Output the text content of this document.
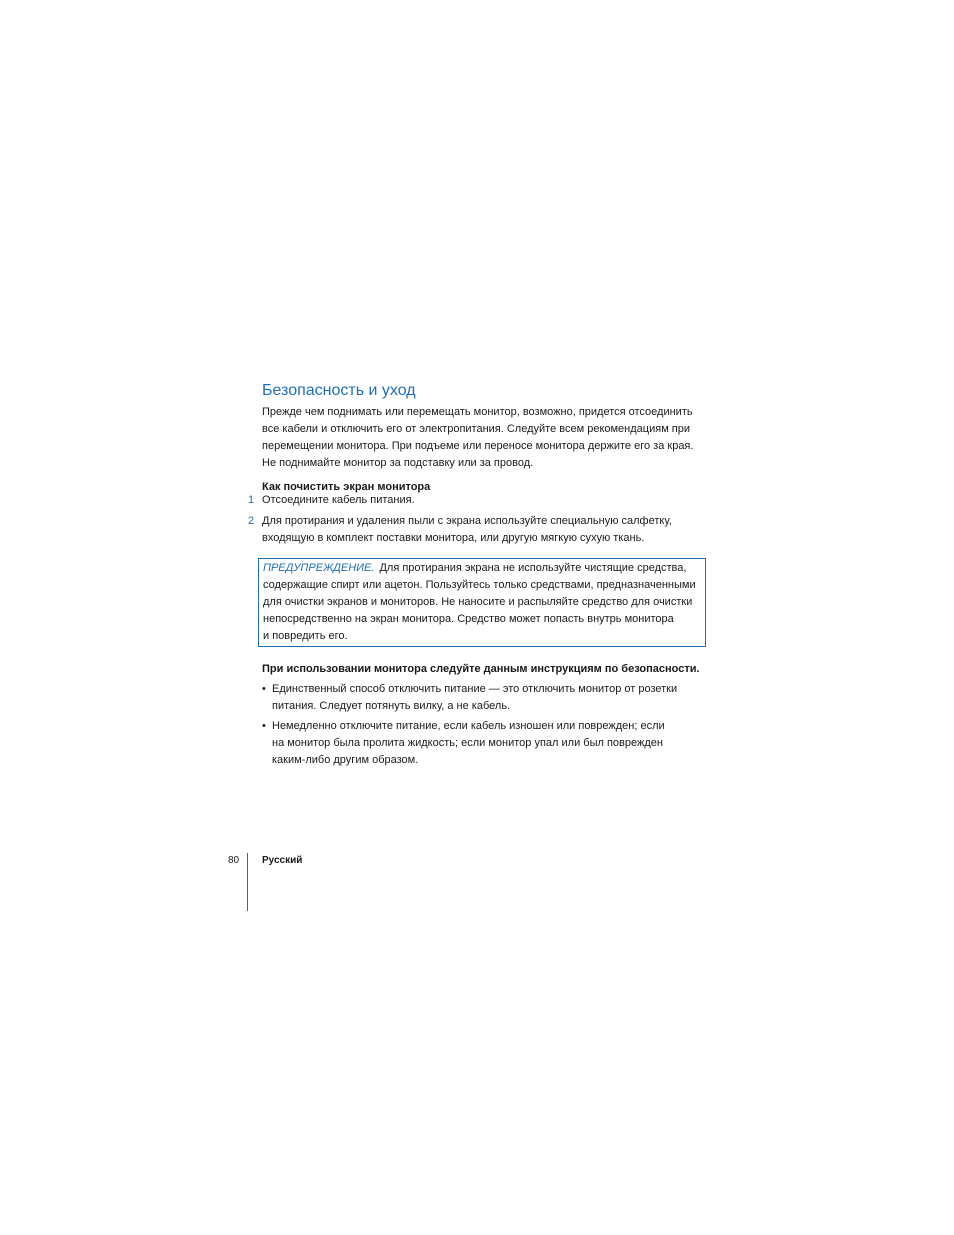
Безопасность и уход
Прежде чем поднимать или перемещать монитор, возможно, придется отсоединить
все кабели и отключить его от электропитания. Следуйте всем рекомендациям при
перемещении монитора. При подъеме или переносе монитора держите его за края.
Не поднимайте монитор за подставку или за провод.
Как почистить экран монитора
1 Отсоедините кабель питания.
2 Для протирания и удаления пыли с экрана используйте специальную салфетку,
входящую в комплект поставки монитора, или другую мягкую сухую ткань.
ПРЕДУПРЕЖДЕНИЕ. Для протирания экрана не используйте чистящие средства,
содержащие спирт или ацетон. Пользуйтесь только средствами, предназначенными
для очистки экранов и мониторов. Не наносите и распыляйте средство для очистки
непосредственно на экран монитора. Средство может попасть внутрь монитора
и повредить его.
При использовании монитора следуйте данным инструкциям по безопасности.
• Единственный способ отключить питание — это отключить монитор от розетки
питания. Следует потянуть вилку, а не кабель.
• Немедленно отключите питание, если кабель изношен или поврежден; если
на монитор была пролита жидкость; если монитор упал или был поврежден
каким-либо другим образом.
80 Русский
